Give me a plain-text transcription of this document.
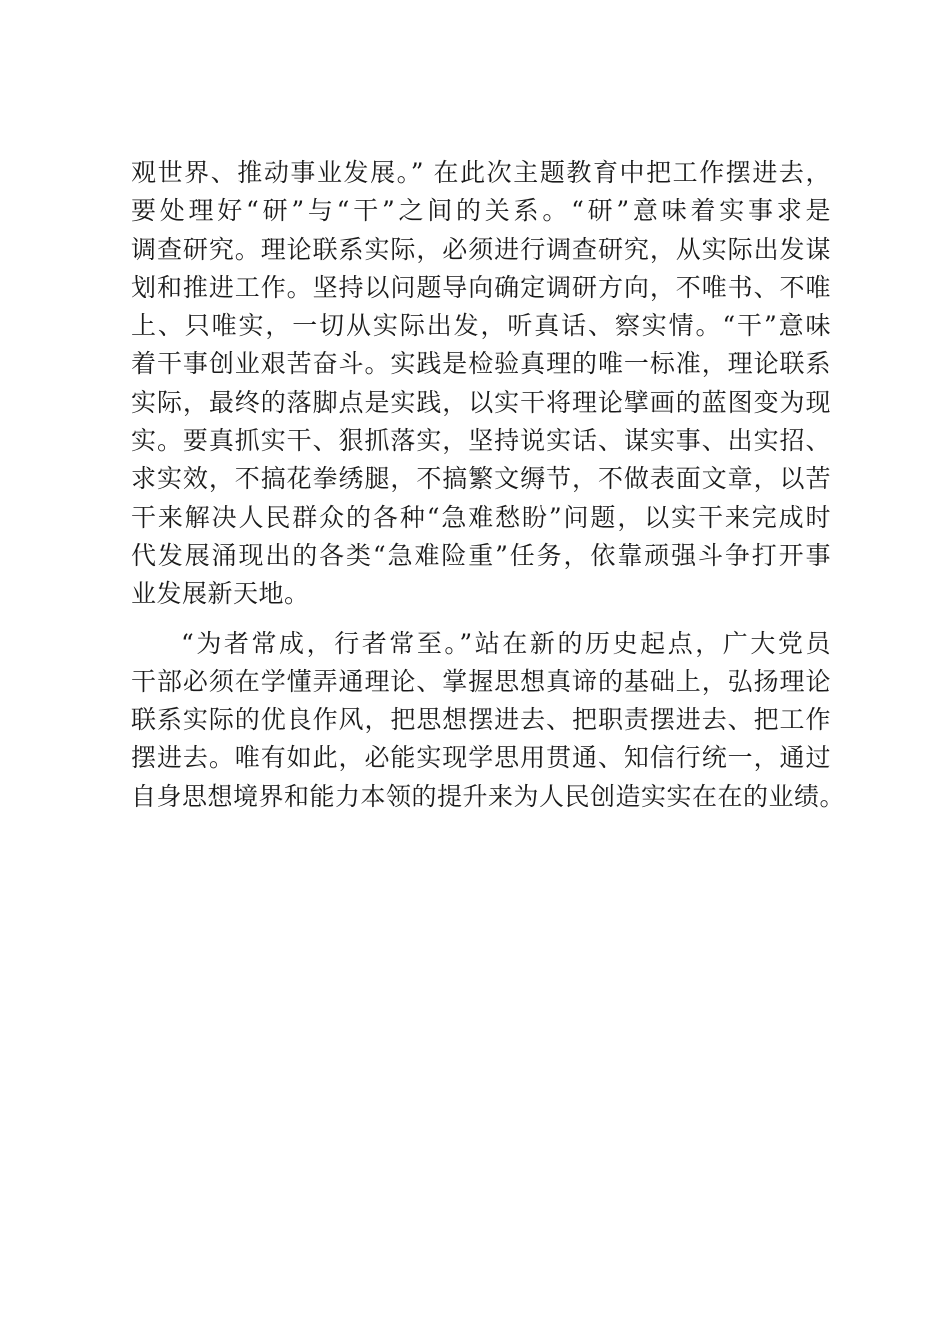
观世界、推动事业发展。” 在此次主题教育中把工作摆进去，
要处理好“研”与“干”之间的关系。“研”意味着实事求是
调查研究。理论联系实际，必须进行调查研究，从实际出发谋
划和推进工作。坚持以问题导向确定调研方向，不唯书、不唯
上、只唯实，一切从实际出发，听真话、察实情。“干”意味
着干事创业艰苦奋斗。实践是检验真理的唯一标准，理论联系
实际，最终的落脚点是实践，以实干将理论擘画的蓝图变为现
实。要真抓实干、狠抓落实，坚持说实话、谋实事、出实招、
求实效，不搞花拳绣腿，不搞繁文缛节，不做表面文章，以苦
干来解决人民群众的各种“急难愁盼”问题，以实干来完成时
代发展涌现出的各类“急难险重”任务，依靠顽强斗争打开事
业发展新天地。
“为者常成，行者常至。”站在新的历史起点，广大党员
干部必须在学懂弄通理论、掌握思想真谛的基础上，弘扬理论
联系实际的优良作风，把思想摆进去、把职责摆进去、把工作
摆进去。唯有如此，必能实现学思用贯通、知信行统一，通过
自身思想境界和能力本领的提升来为人民创造实实在在的业绩。
